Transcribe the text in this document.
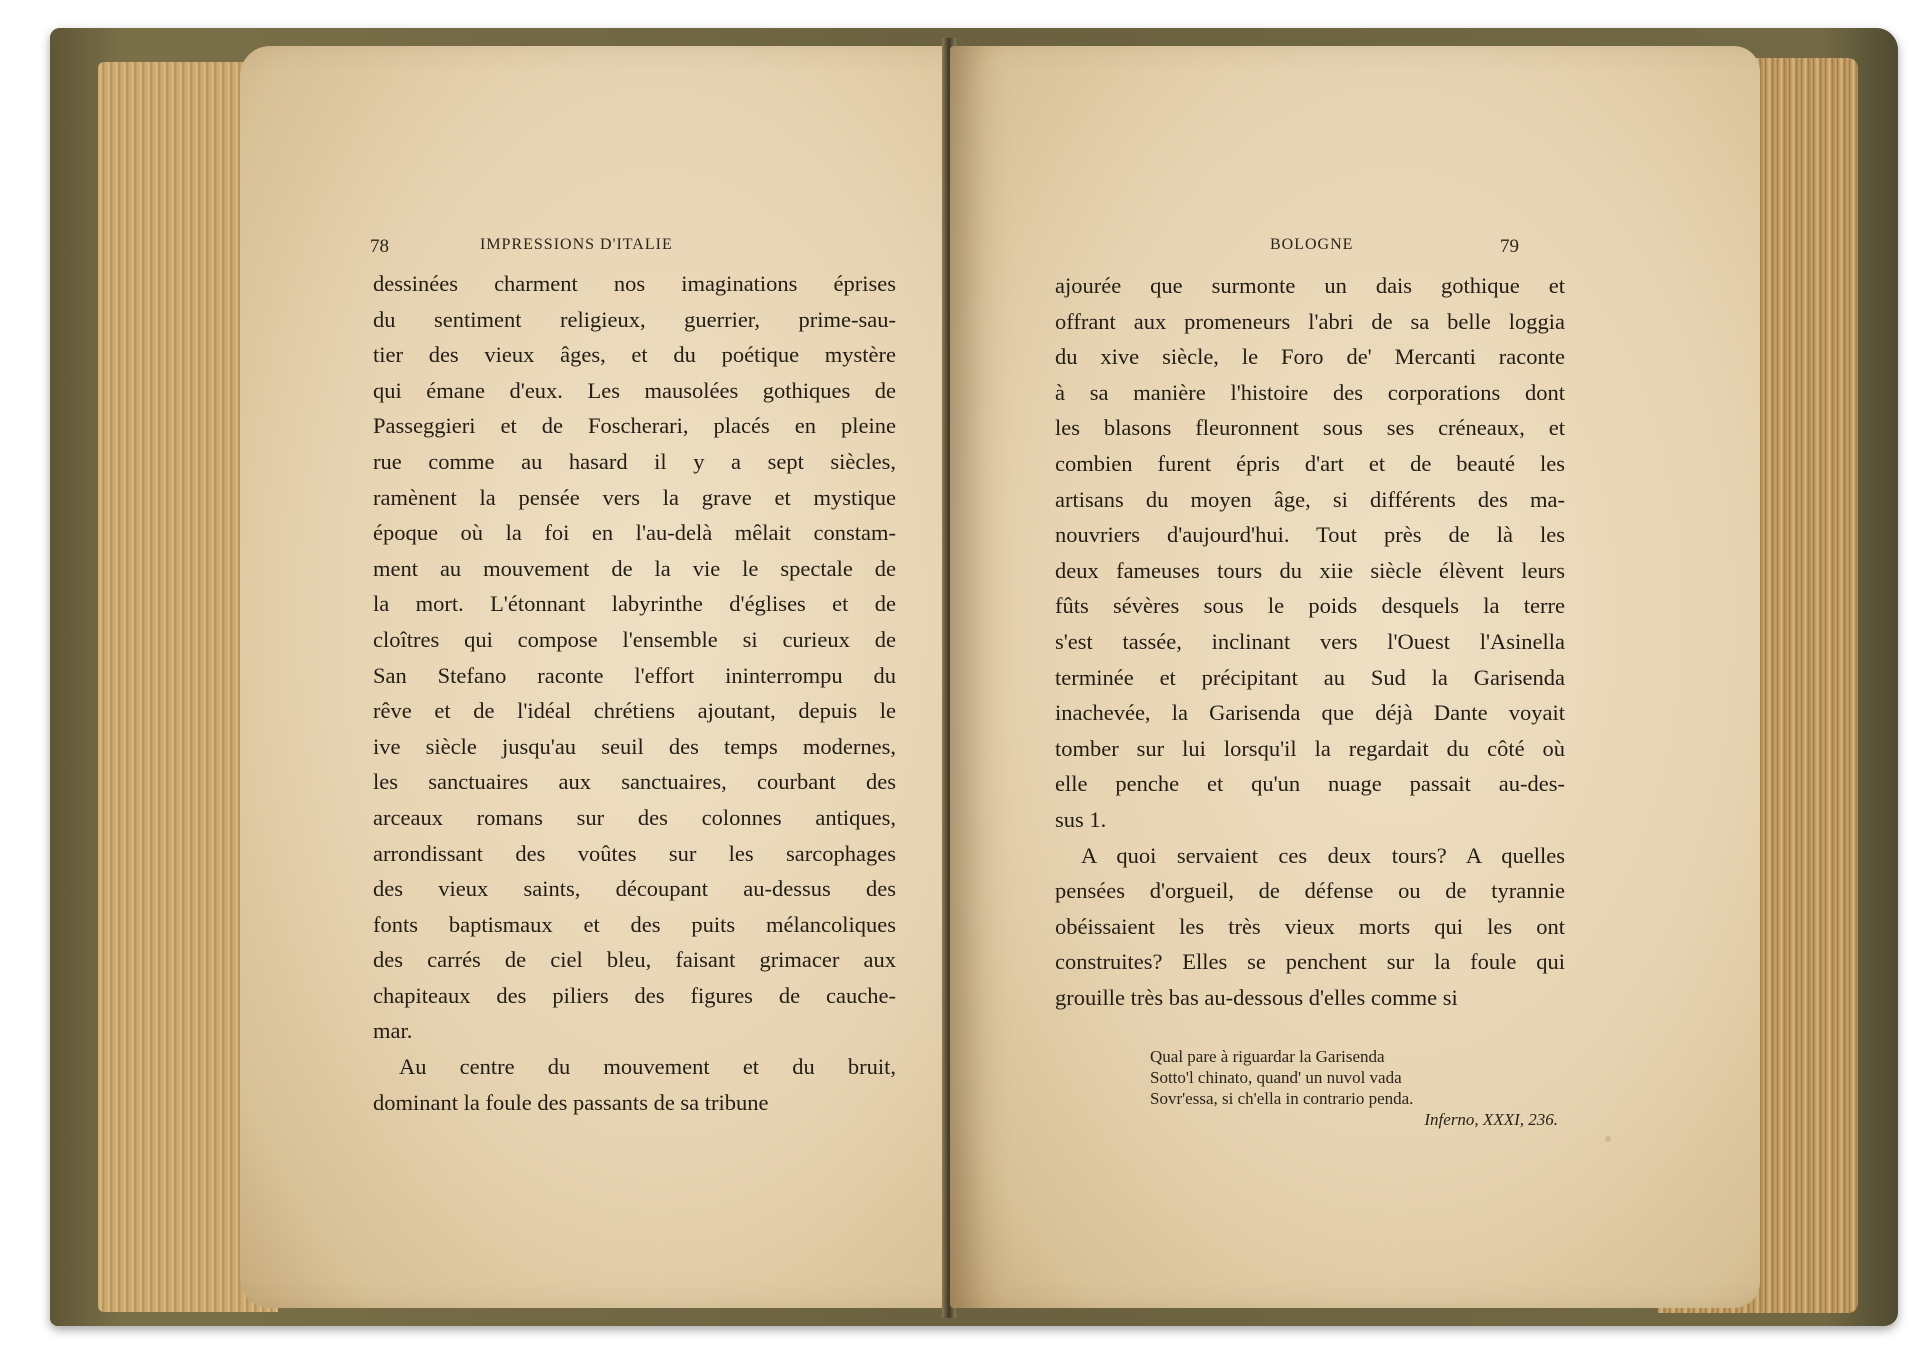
78	IMPRESSIONS D'ITALIE
dessinées charment nos imaginations éprises
du sentiment religieux, guerrier, prime-sau-
tier des vieux âges, et du poétique mystère
qui émane d'eux. Les mausolées gothiques de
Passeggieri et de Foscherari, placés en pleine
rue comme au hasard il y a sept siècles,
ramènent la pensée vers la grave et mystique
époque où la foi en l'au-delà mêlait constam-
ment au mouvement de la vie le spectale de
la mort. L'étonnant labyrinthe d'églises et de
cloîtres qui compose l'ensemble si curieux de
San Stefano raconte l'effort ininterrompu du
rêve et de l'idéal chrétiens ajoutant, depuis le
ive siècle jusqu'au seuil des temps modernes,
les sanctuaires aux sanctuaires, courbant des
arceaux romans sur des colonnes antiques,
arrondissant des voûtes sur les sarcophages
des vieux saints, découpant au-dessus des
fonts baptismaux et des puits mélancoliques
des carrés de ciel bleu, faisant grimacer aux
chapiteaux des piliers des figures de cauche-
mar.
Au centre du mouvement et du bruit,
dominant la foule des passants de sa tribune
BOLOGNE	79
ajourée que surmonte un dais gothique et
offrant aux promeneurs l'abri de sa belle loggia
du xive siècle, le Foro de' Mercanti raconte
à sa manière l'histoire des corporations dont
les blasons fleuronnent sous ses créneaux, et
combien furent épris d'art et de beauté les
artisans du moyen âge, si différents des ma-
nouvriers d'aujourd'hui. Tout près de là les
deux fameuses tours du xiie siècle élèvent leurs
fûts sévères sous le poids desquels la terre
s'est tassée, inclinant vers l'Ouest l'Asinella
terminée et précipitant au Sud la Garisenda
inachevée, la Garisenda que déjà Dante voyait
tomber sur lui lorsqu'il la regardait du côté où
elle penche et qu'un nuage passait au-des-
sus 1.
A quoi servaient ces deux tours? A quelles
pensées d'orgueil, de défense ou de tyrannie
obéissaient les très vieux morts qui les ont
construites? Elles se penchent sur la foule qui
grouille très bas au-dessous d'elles comme si
Qual pare à riguardar la Garisenda
Sotto'l chinato, quand' un nuvol vada
Sovr'essa, si ch'ella in contrario penda.
Inferno, XXXI, 236.
